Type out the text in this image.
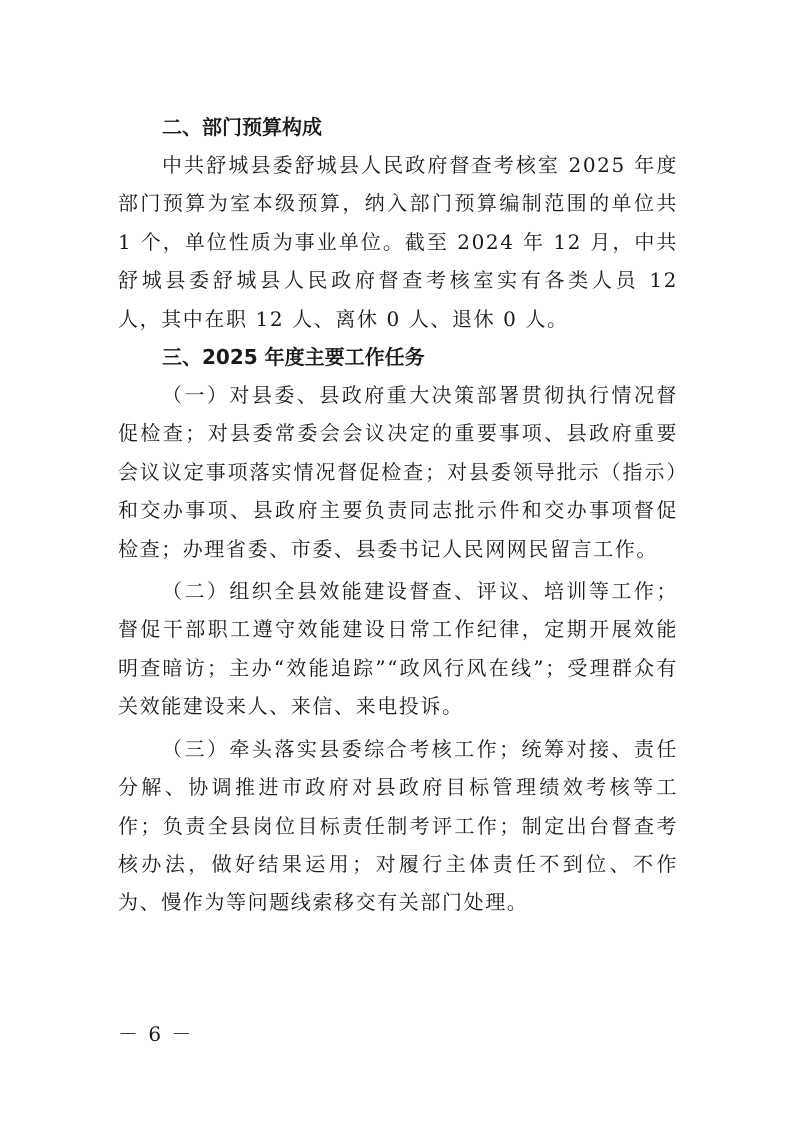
二、部门预算构成

中共舒城县委舒城县人民政府督查考核室 2025 年度部门预算为室本级预算，纳入部门预算编制范围的单位共 1 个，单位性质为事业单位。截至 2024 年 12 月，中共舒城县委舒城县人民政府督查考核室实有各类人员 12 人，其中在职 12 人、离休 0 人、退休 0 人。

三、2025 年度主要工作任务

（一）对县委、县政府重大决策部署贯彻执行情况督促检查；对县委常委会会议决定的重要事项、县政府重要会议议定事项落实情况督促检查；对县委领导批示（指示）和交办事项、县政府主要负责同志批示件和交办事项督促检查；办理省委、市委、县委书记人民网网民留言工作。

（二）组织全县效能建设督查、评议、培训等工作；督促干部职工遵守效能建设日常工作纪律，定期开展效能明查暗访；主办“效能追踪”“政风行风在线”；受理群众有关效能建设来人、来信、来电投诉。

（三）牵头落实县委综合考核工作；统筹对接、责任分解、协调推进市政府对县政府目标管理绩效考核等工作；负责全县岗位目标责任制考评工作；制定出台督查考核办法，做好结果运用；对履行主体责任不到位、不作为、慢作为等问题线索移交有关部门处理。

－ 6 －
